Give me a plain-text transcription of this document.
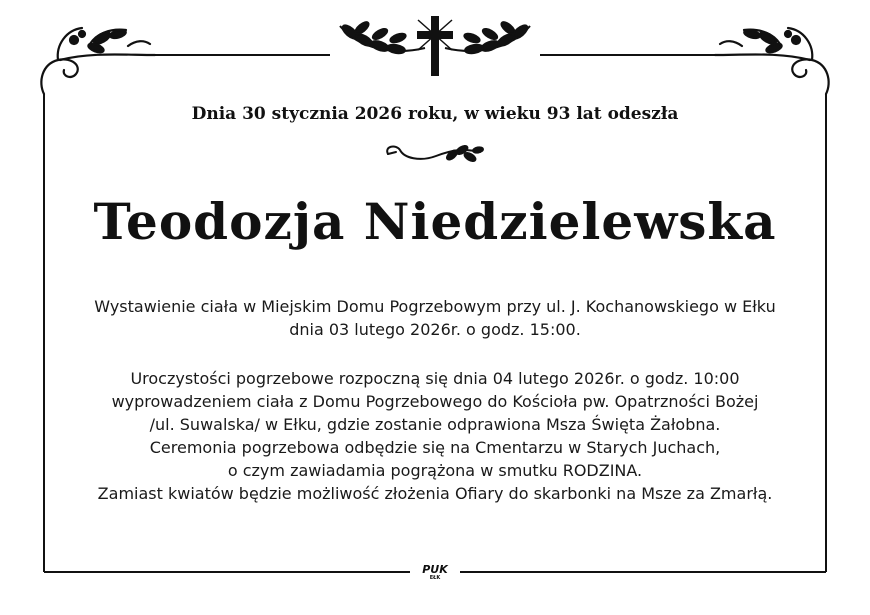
Dnia 30 stycznia 2026 roku, w wieku 93 lat odeszła

Teodozja Niedzielewska
Wystawienie ciała w Miejskim Domu Pogrzebowym przy ul. J. Kochanowskiego w Ełku
dnia 03 lutego 2026r. o godz. 15:00.
Uroczystości pogrzebowe rozpoczną się dnia 04 lutego 2026r. o godz. 10:00
wyprowadzeniem ciała z Domu Pogrzebowego do Kościoła pw. Opatrzności Bożej
/ul. Suwalska/ w Ełku, gdzie zostanie odprawiona Msza Święta Żałobna.
Ceremonia pogrzebowa odbędzie się na Cmentarzu w Starych Juchach,
o czym zawiadamia pogrążona w smutku RODZINA.
Zamiast kwiatów będzie możliwość złożenia Ofiary do skarbonki na Msze za Zmarłą.
PUK
EŁK
